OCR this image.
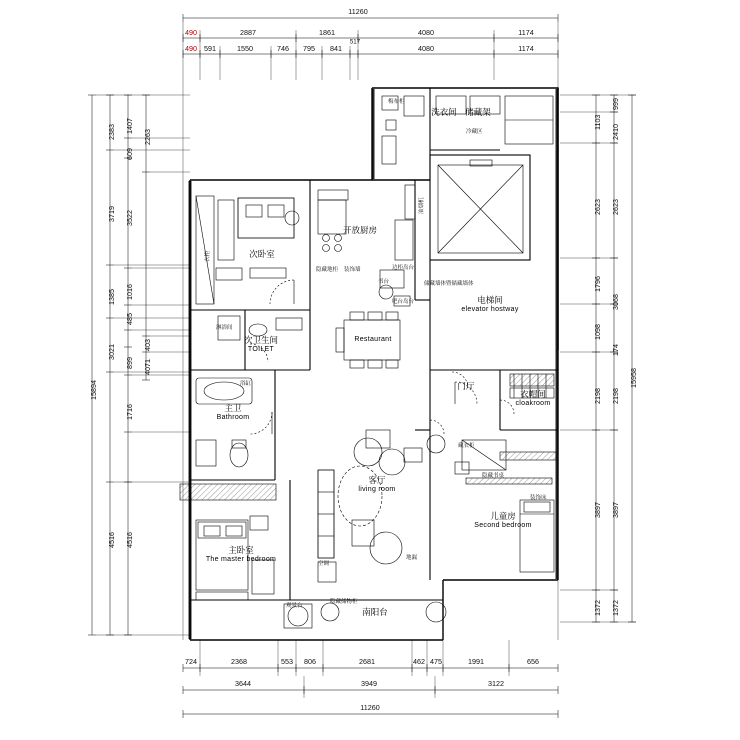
11260
490	2887	1861	4080	1174
490 591	1550	746 795 841
517
4080	1174
15894
2383
3719
1385
3021
4516
1407
609
3522
1016
485
899
1716
4516
2263
403
4071
1103
2623
1796
1098
2198
3897
1372
999
2410
2623
3068
174
2198
3897
1372
15958
724	2368	553 806	2681	462 475	1991	656
3644	3949	3122
11260
洗衣间 储藏架
开放厨房
次卧室
次卫生间
TOILET
主卫
Bathroom
主卧室
The master bedroom
客厅
living room
Restaurant
门厅
电梯间
elevator hostway
衣帽间
cloakroom
儿童房
Second bedroom
南阳台
梅布柜
冷藏区
油烟机
衣柜
隐藏地柜 装饰墙
书台
吧台岛台
边柜岛台
储藏墙体暨储藏墙体
淋浴间
浴缸
隐藏书桌
装饰床
藏衣柜
隐藏储物柜
观景台
空调
地漏
